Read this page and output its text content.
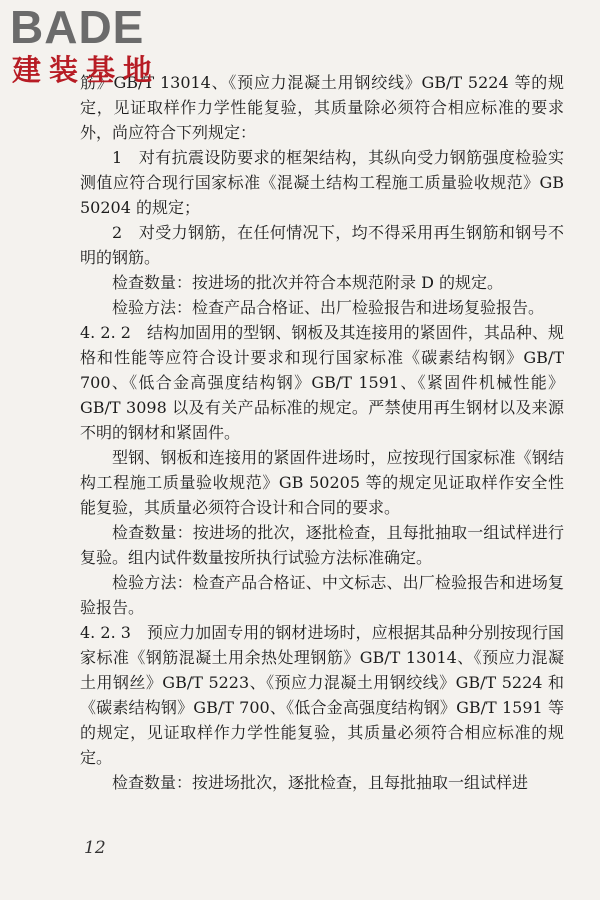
BADE
建装基地

筋》GB/T 13014、《预应力混凝土用钢绞线》GB/T 5224 等的规定，见证取样作力学性能复验，其质量除必须符合相应标准的要求外，尚应符合下列规定：

1　对有抗震设防要求的框架结构，其纵向受力钢筋强度检验实测值应符合现行国家标准《混凝土结构工程施工质量验收规范》GB 50204 的规定；

2　对受力钢筋，在任何情况下，均不得采用再生钢筋和钢号不明的钢筋。

检查数量：按进场的批次并符合本规范附录 D 的规定。

检验方法：检查产品合格证、出厂检验报告和进场复验报告。

4. 2. 2　结构加固用的型钢、钢板及其连接用的紧固件，其品种、规格和性能等应符合设计要求和现行国家标准《碳素结构钢》GB/T 700、《低合金高强度结构钢》GB/T 1591、《紧固件机械性能》GB/T 3098 以及有关产品标准的规定。严禁使用再生钢材以及来源不明的钢材和紧固件。

型钢、钢板和连接用的紧固件进场时，应按现行国家标准《钢结构工程施工质量验收规范》GB 50205 等的规定见证取样作安全性能复验，其质量必须符合设计和合同的要求。

检查数量：按进场的批次，逐批检查，且每批抽取一组试样进行复验。组内试件数量按所执行试验方法标准确定。

检验方法：检查产品合格证、中文标志、出厂检验报告和进场复验报告。

4. 2. 3　预应力加固专用的钢材进场时，应根据其品种分别按现行国家标准《钢筋混凝土用余热处理钢筋》GB/T 13014、《预应力混凝土用钢丝》GB/T 5223、《预应力混凝土用钢绞线》GB/T 5224 和《碳素结构钢》GB/T 700、《低合金高强度结构钢》GB/T 1591 等的规定，见证取样作力学性能复验，其质量必须符合相应标准的规定。

检查数量：按进场批次，逐批检查，且每批抽取一组试样进

12
